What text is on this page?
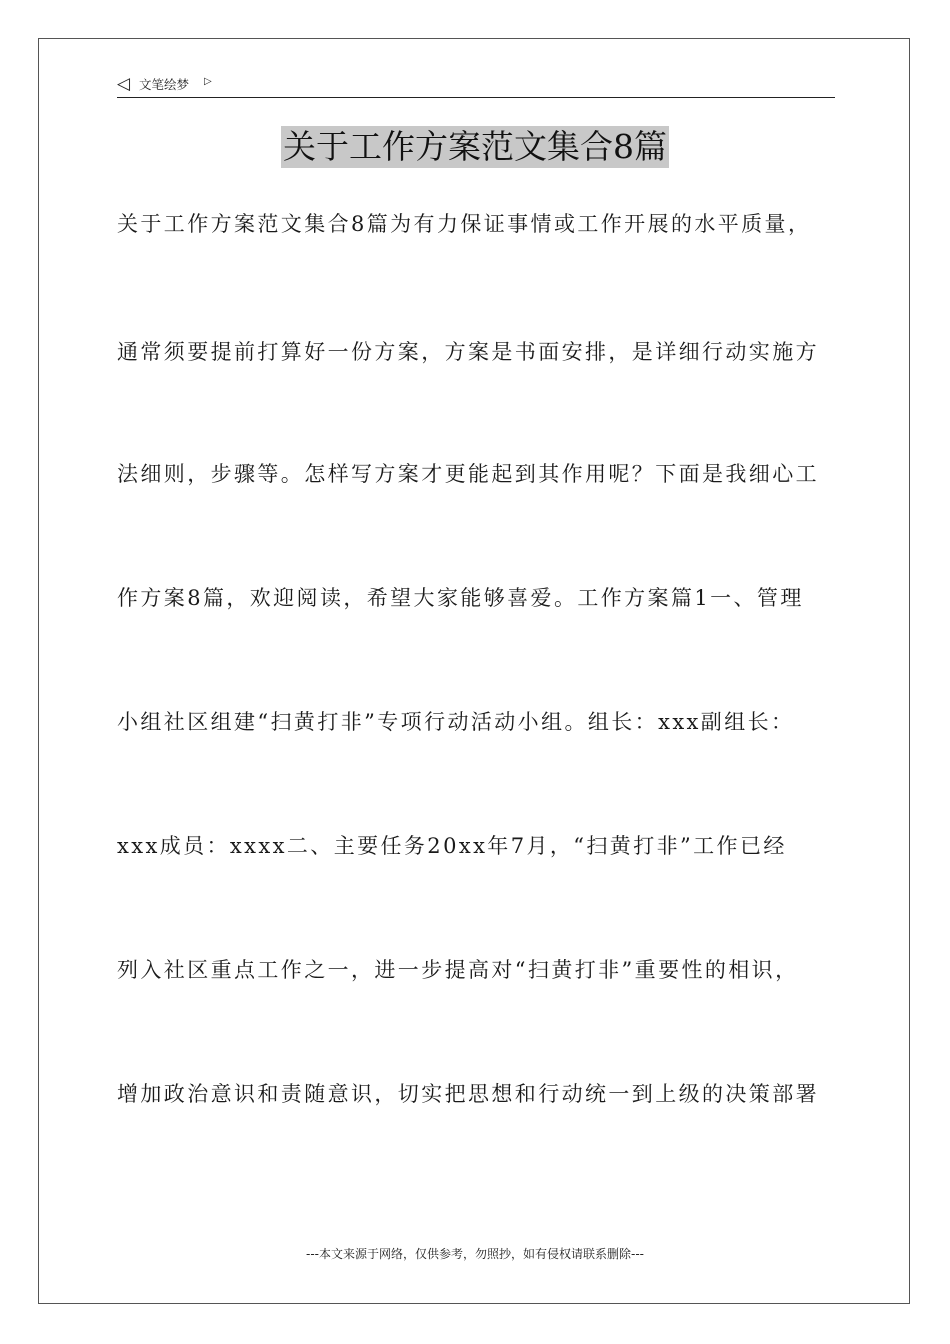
◁ 文笔绘梦 ▷
关于工作方案范文集合8篇
关于工作方案范文集合8篇为有力保证事情或工作开展的水平质量，
通常须要提前打算好一份方案，方案是书面安排，是详细行动实施方
法细则，步骤等。怎样写方案才更能起到其作用呢？下面是我细心工
作方案8篇，欢迎阅读，希望大家能够喜爱。工作方案篇1一、管理
小组社区组建“扫黄打非”专项行动活动小组。组长：xxx副组长：
xxx成员：xxxx二、主要任务20xx年7月，“扫黄打非”工作已经
列入社区重点工作之一，进一步提高对“扫黄打非”重要性的相识，
增加政治意识和责随意识，切实把思想和行动统一到上级的决策部署
---本文来源于网络，仅供参考，勿照抄，如有侵权请联系删除---
